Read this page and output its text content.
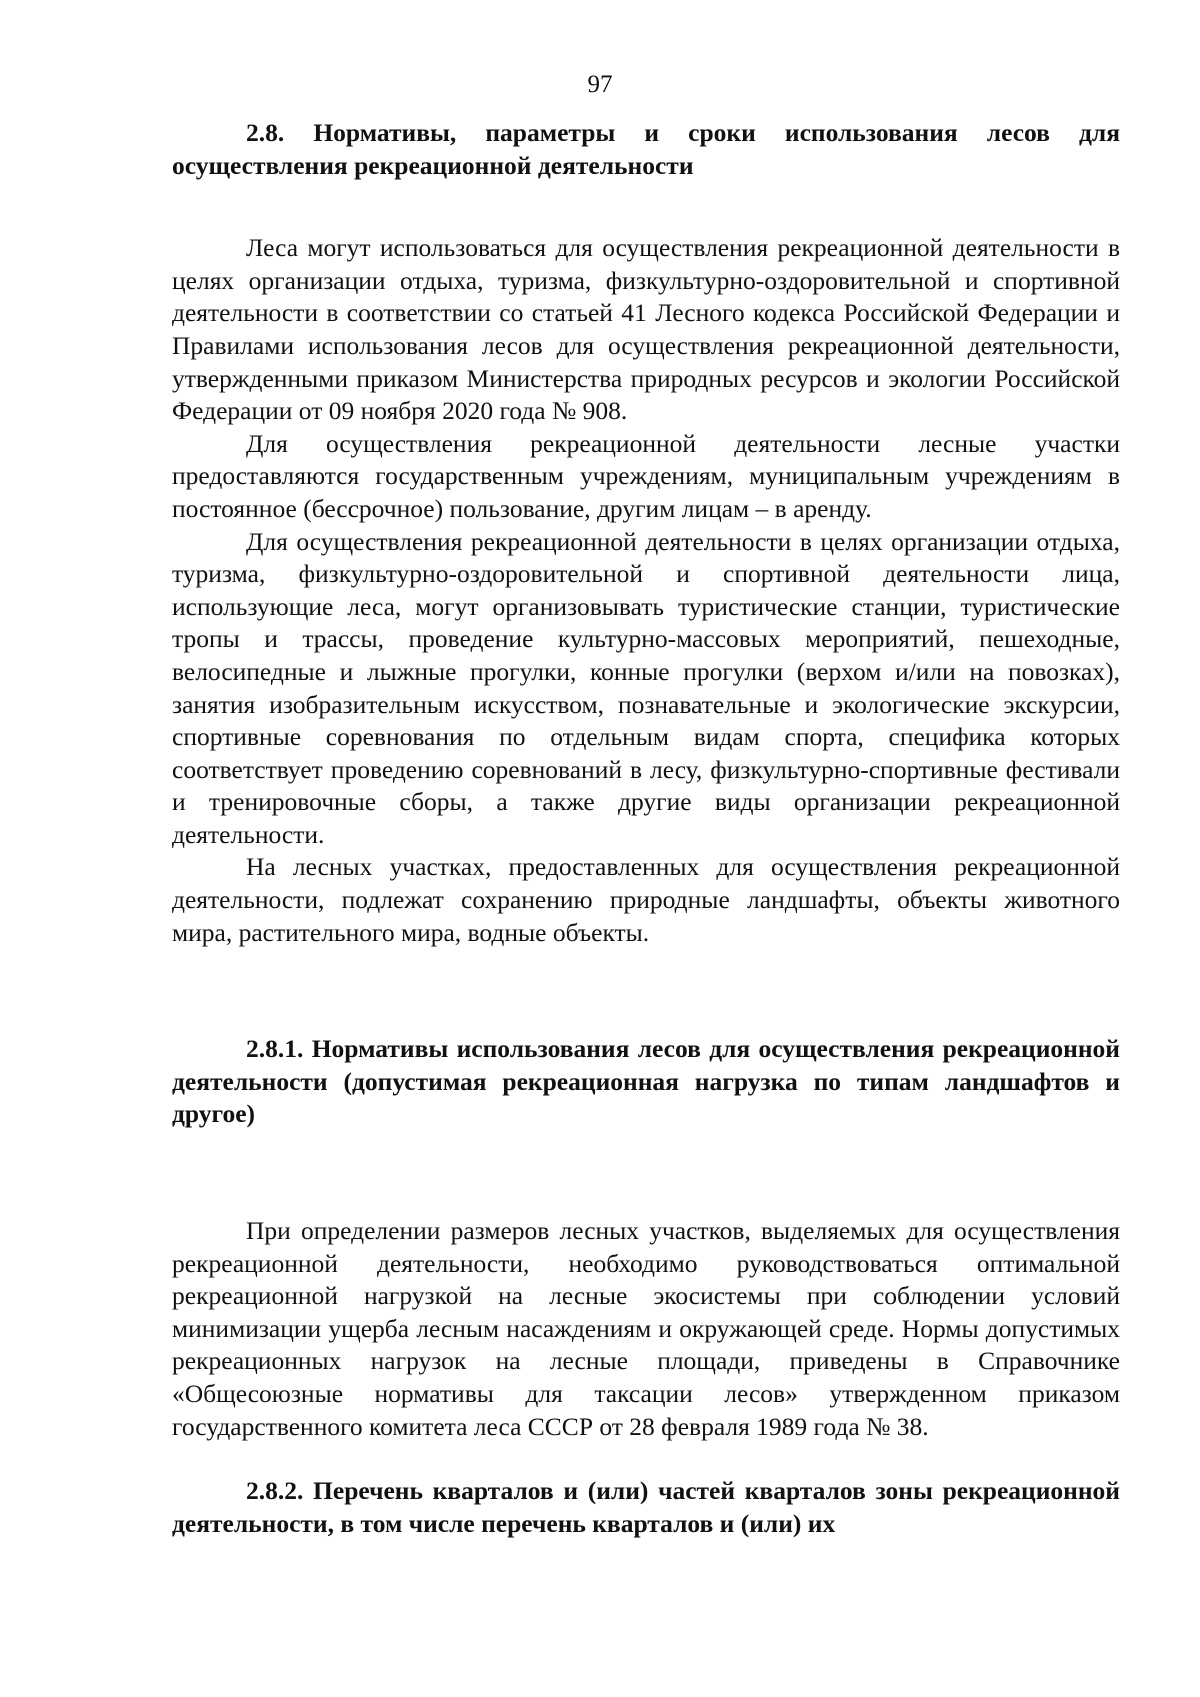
97

2.8. Нормативы, параметры и сроки использования лесов для осуществления рекреационной деятельности

Леса могут использоваться для осуществления рекреационной деятельности в целях организации отдыха, туризма, физкультурно-оздоровительной и спортивной деятельности в соответствии со статьей 41 Лесного кодекса Российской Федерации и Правилами использования лесов для осуществления рекреационной деятельности, утвержденными приказом Министерства природных ресурсов и экологии Российской Федерации от 09 ноября 2020 года № 908.

Для осуществления рекреационной деятельности лесные участки предоставляются государственным учреждениям, муниципальным учреждениям в постоянное (бессрочное) пользование, другим лицам – в аренду.

Для осуществления рекреационной деятельности в целях организации отдыха, туризма, физкультурно-оздоровительной и спортивной деятельности лица, использующие леса, могут организовывать туристические станции, туристические тропы и трассы, проведение культурно-массовых мероприятий, пешеходные, велосипедные и лыжные прогулки, конные прогулки (верхом и/или на повозках), занятия изобразительным искусством, познавательные и экологические экскурсии, спортивные соревнования по отдельным видам спорта, специфика которых соответствует проведению соревнований в лесу, физкультурно-спортивные фестивали и тренировочные сборы, а также другие виды организации рекреационной деятельности.

На лесных участках, предоставленных для осуществления рекреационной деятельности, подлежат сохранению природные ландшафты, объекты животного мира, растительного мира, водные объекты.

2.8.1. Нормативы использования лесов для осуществления рекреационной деятельности (допустимая рекреационная нагрузка по типам ландшафтов и другое)

При определении размеров лесных участков, выделяемых для осуществления рекреационной деятельности, необходимо руководствоваться оптимальной рекреационной нагрузкой на лесные экосистемы при соблюдении условий минимизации ущерба лесным насаждениям и окружающей среде. Нормы допустимых рекреационных нагрузок на лесные площади, приведены в Справочнике «Общесоюзные нормативы для таксации лесов» утвержденном приказом государственного комитета леса СССР от 28 февраля 1989 года № 38.

2.8.2. Перечень кварталов и (или) частей кварталов зоны рекреационной деятельности, в том числе перечень кварталов и (или) их
